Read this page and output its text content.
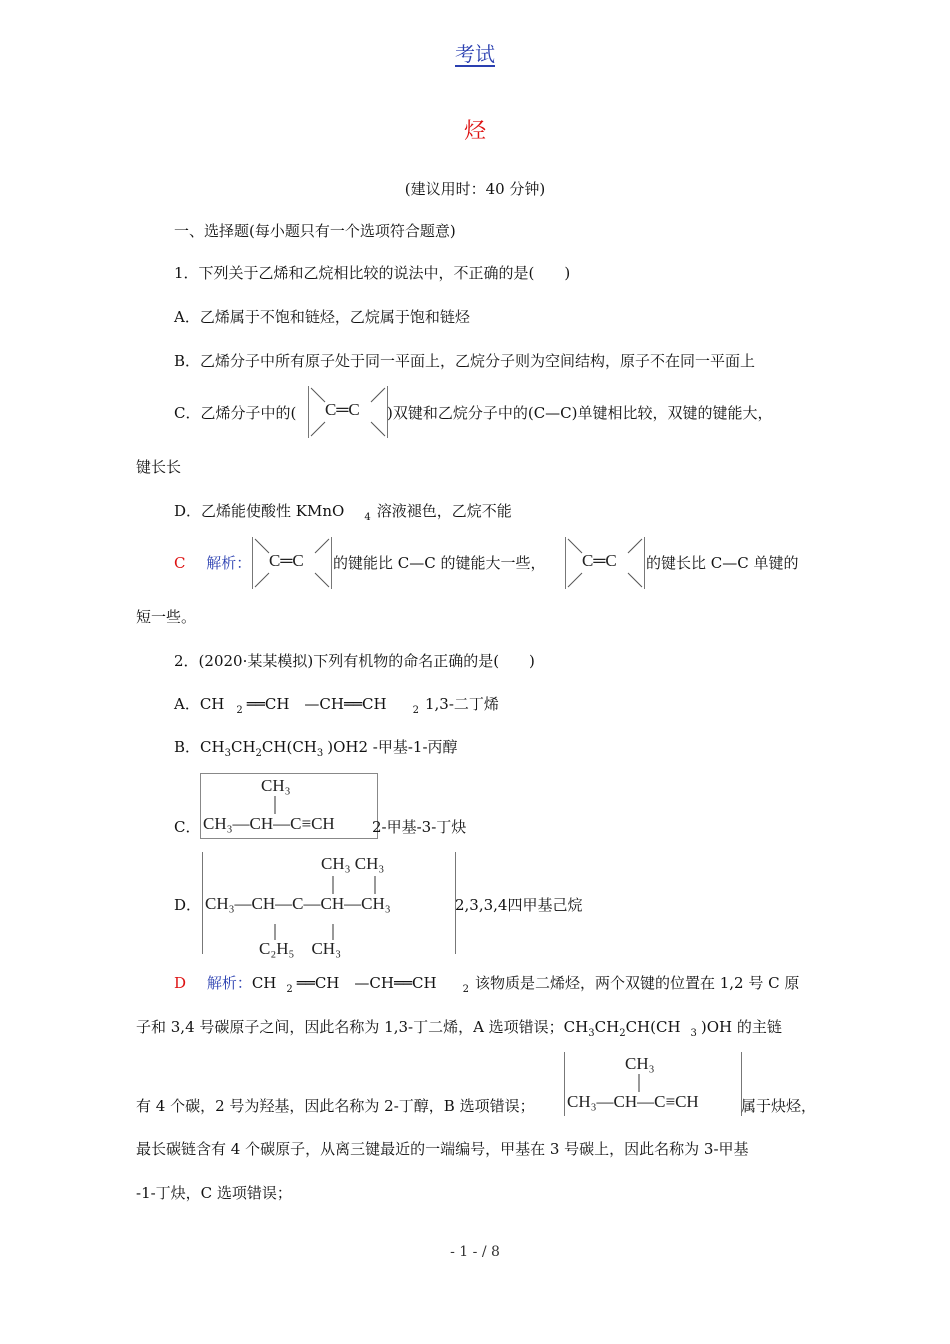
考试
烃
(建议用时：40 分钟)
一、选择题(每小题只有一个选项符合题意)
1．下列关于乙烯和乙烷相比较的说法中，不正确的是(　　)
A．乙烯属于不饱和链烃，乙烷属于饱和链烃
B．乙烯分子中所有原子处于同一平面上，乙烷分子则为空间结构，原子不在同一平面上
C．乙烯分子中的( C═C )双键和乙烷分子中的(C—C)单键相比较，双键的键能大，
键长长
D．乙烯能使酸性 KMnO $_4$ 溶液褪色，乙烷不能
C 解析： C═C 的键能比 C—C 的键能大一些， C═C 的键长比 C—C 单键的
短一些。
2．(2020·某某模拟)下列有机物的命名正确的是(　　)
A．CH $_2$ ══CH　—CH══CH	$_2$ 1,3-二丁烯
B．$CH_3CH_2CH(CH_3$ )OH2 -甲基-1-丙醇
C．
CH₃
CH₃—CH—C≡CH 2-甲基-3-丁炔
D．
CH₃ CH₃
CH₃—CH—C—CH—CH₃
C₂H₅　CH₃
2,3,3,4四甲基己烷
D 解析：CH $_2$ ══CH　—CH══CH	$_2$ 该物质是二烯烃，两个双键的位置在 1,2 号 C 原
子和 3,4 号碳原子之间，因此名称为 1,3-丁二烯，A 选项错误；$CH_3CH_2CH(CH$ $_3$ )OH 的主链
有 4 个碳，2 号为羟基，因此名称为 2-丁醇，B 选项错误；
CH₃
CH₃—CH—C≡CH	属于炔烃，
最长碳链含有 4 个碳原子，从离三键最近的一端编号，甲基在 3 号碳上，因此名称为 3-甲基
-1-丁炔，C 选项错误；
- 1 - / 8
